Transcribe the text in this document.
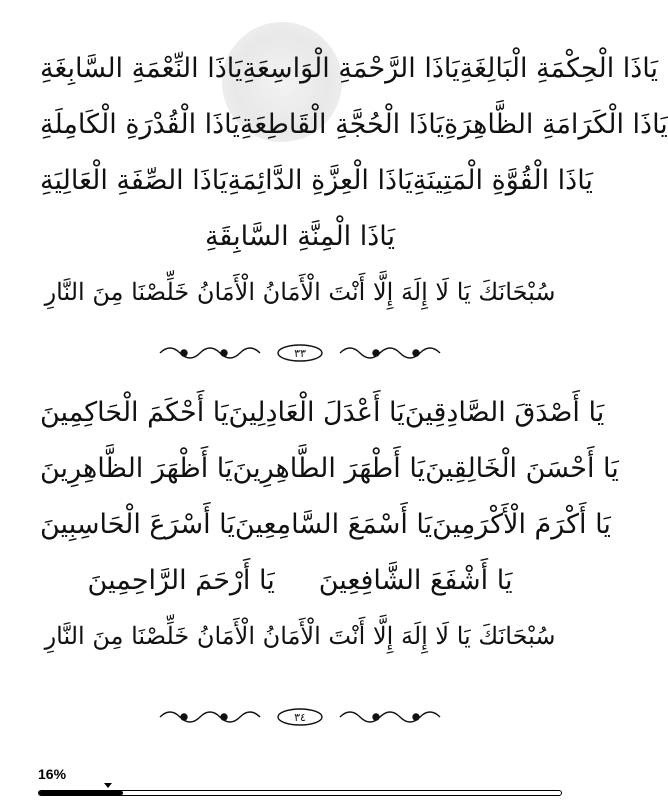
يَاذَا النِّعْمَةِ السَّابِغَةِ يَاذَا الرَّحْمَةِ الْوَاسِعَةِ يَاذَا الْحِكْمَةِ الْبَالِغَةِ
يَاذَا الْقُدْرَةِ الْكَامِلَةِ يَاذَا الْحُجَّةِ الْقَاطِعَةِ يَاذَا الْكَرَامَةِ الظَّاهِرَةِ
يَاذَا الصِّفَةِ الْعَالِيَةِ يَاذَا الْعِزَّةِ الدَّائِمَةِ يَاذَا الْقُوَّةِ الْمَتِينَةِ
يَاذَا الْمِنَّةِ السَّابِقَةِ
سُبْحَانَكَ يَا لَا إِلَهَ إِلَّا أَنْتَ الْأَمَانُ الْأَمَانُ خَلِّصْنَا مِنَ النَّارِ
٣٣
يَا أَحْكَمَ الْحَاكِمِينَ يَا أَعْدَلَ الْعَادِلِينَ يَا أَصْدَقَ الصَّادِقِينَ
يَا أَظْهَرَ الظَّاهِرِينَ يَا أَطْهَرَ الطَّاهِرِينَ يَا أَحْسَنَ الْخَالِقِينَ
يَا أَسْرَعَ الْحَاسِبِينَ يَا أَسْمَعَ السَّامِعِينَ يَا أَكْرَمَ الْأَكْرَمِينَ
يَا أَرْحَمَ الرَّاحِمِينَ يَا أَشْفَعَ الشَّافِعِينَ
سُبْحَانَكَ يَا لَا إِلَهَ إِلَّا أَنْتَ الْأَمَانُ الْأَمَانُ خَلِّصْنَا مِنَ النَّارِ
٣٤
16%
